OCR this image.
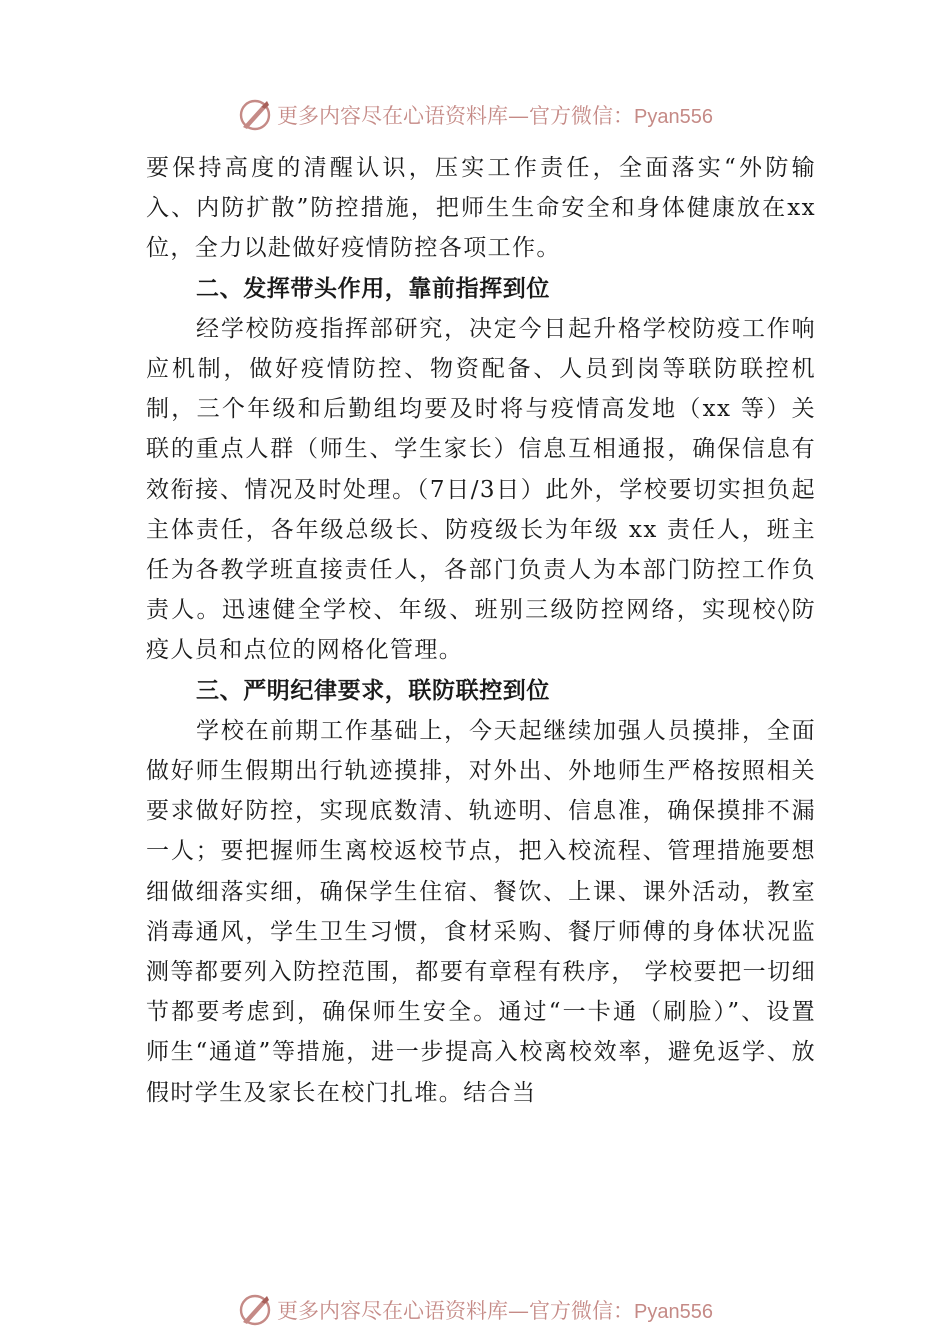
更多内容尽在心语资料库—官方微信：Pyan556

要保持高度的清醒认识，压实工作责任，全面落实“外防输入、内防扩散”防控措施，把师生生命安全和身体健康放在xx位，全力以赴做好疫情防控各项工作。

二、发挥带头作用，靠前指挥到位

经学校防疫指挥部研究，决定今日起升格学校防疫工作响应机制，做好疫情防控、物资配备、人员到岗等联防联控机制，三个年级和后勤组均要及时将与疫情高发地（xx 等）关联的重点人群（师生、学生家长）信息互相通报，确保信息有效衔接、情况及时处理。（7日/3日）此外，学校要切实担负起主体责任，各年级总级长、防疫级长为年级 xx 责任人，班主任为各教学班直接责任人，各部门负责人为本部门防控工作负责人。迅速健全学校、年级、班别三级防控网络，实现校◊防疫人员和点位的网格化管理。

三、严明纪律要求，联防联控到位

学校在前期工作基础上，今天起继续加强人员摸排，全面做好师生假期出行轨迹摸排，对外出、外地师生严格按照相关要求做好防控，实现底数清、轨迹明、信息准，确保摸排不漏一人；要把握师生离校返校节点，把入校流程、管理措施要想细做细落实细，确保学生住宿、餐饮、上课、课外活动，教室消毒通风，学生卫生习惯，食材采购、餐厅师傅的身体状况监测等都要列入防控范围，都要有章程有秩序， 学校要把一切细节都要考虑到，确保师生安全。通过“一卡通（刷脸）”、设置师生“通道”等措施，进一步提高入校离校效率，避免返学、放假时学生及家长在校门扎堆。结合当

更多内容尽在心语资料库—官方微信：Pyan556
